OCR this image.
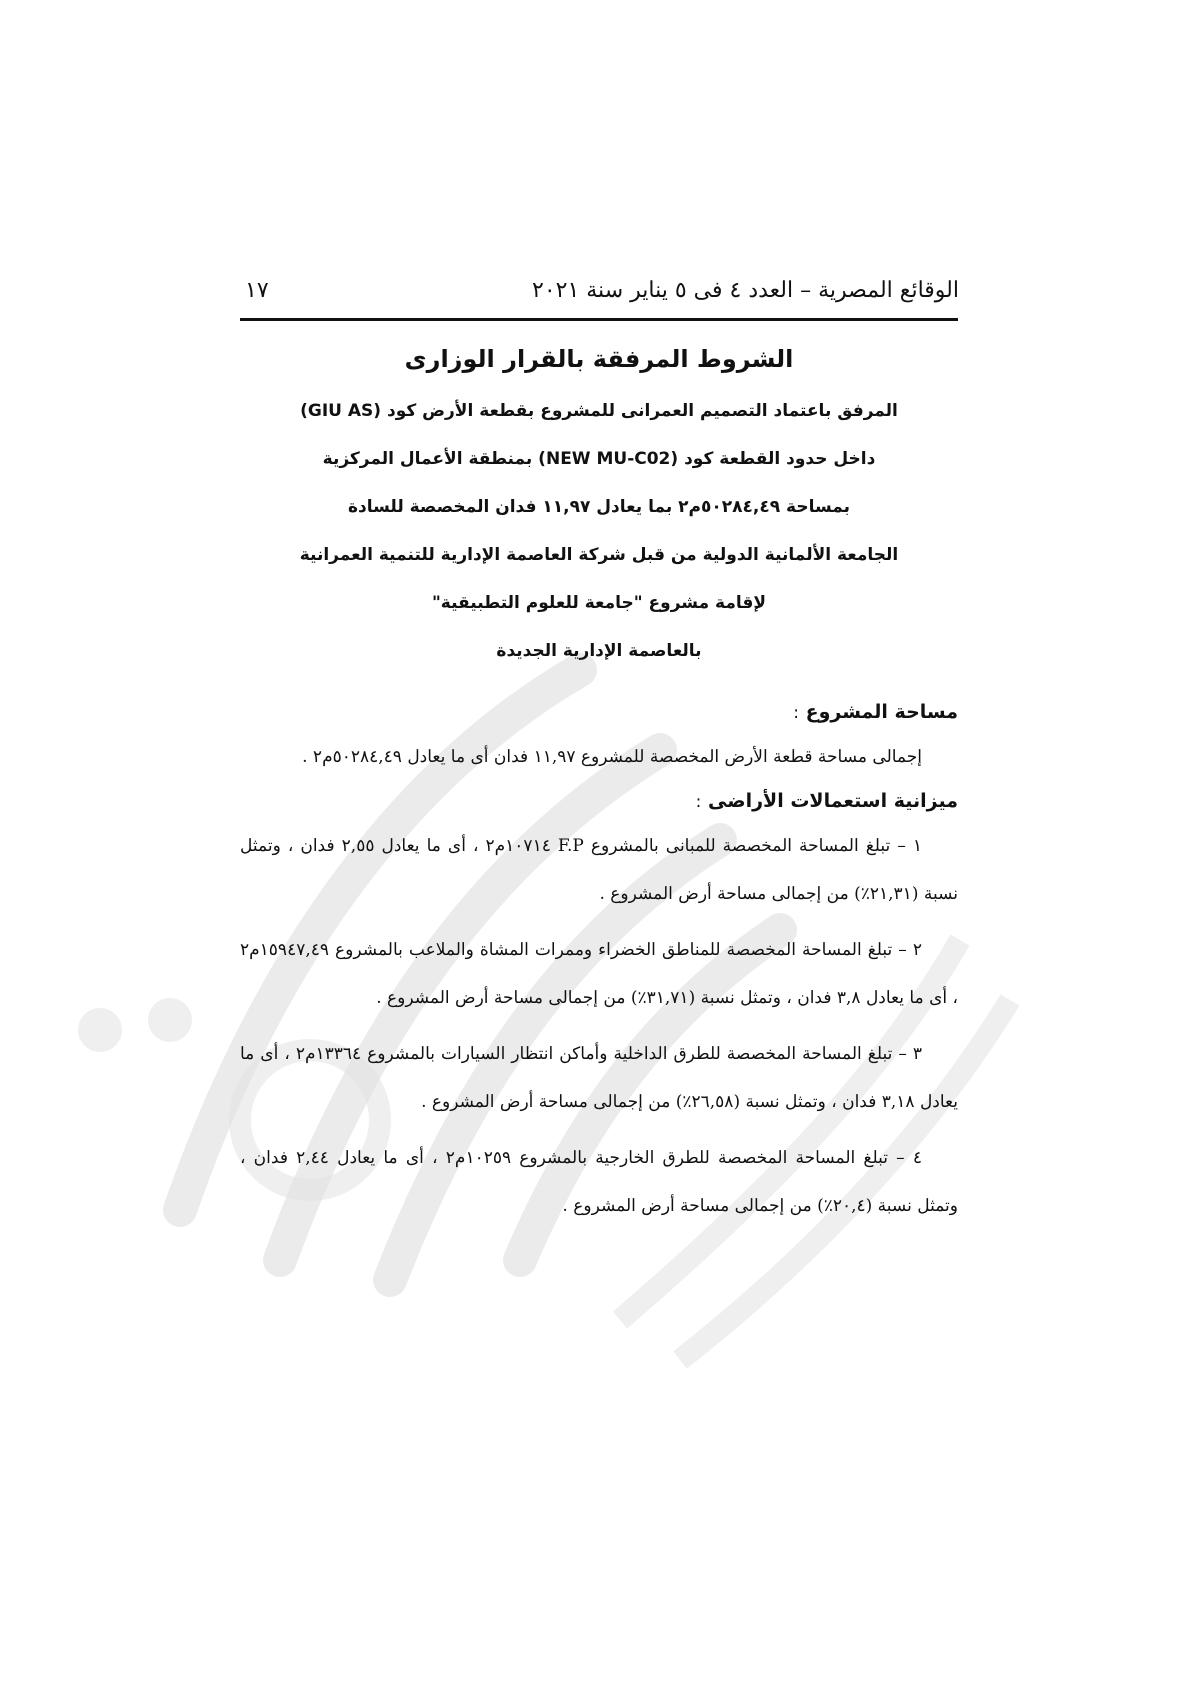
الوقائع المصرية – العدد ٤ فى ٥ يناير سنة ٢٠٢١
١٧

الشروط المرفقة بالقرار الوزارى

المرفق باعتماد التصميم العمرانى للمشروع بقطعة الأرض كود (GIU AS)

داخل حدود القطعة كود (NEW MU-C02) بمنطقة الأعمال المركزية

بمساحة ٥٠٢٨٤,٤٩م٢ بما يعادل ١١,٩٧ فدان المخصصة للسادة

الجامعة الألمانية الدولية من قبل شركة العاصمة الإدارية للتنمية العمرانية

لإقامة مشروع "جامعة للعلوم التطبيقية"

بالعاصمة الإدارية الجديدة

مساحة المشروع :

إجمالى مساحة قطعة الأرض المخصصة للمشروع ١١,٩٧ فدان أى ما يعادل ٥٠٢٨٤,٤٩م٢ .

ميزانية استعمالات الأراضى :

١ – تبلغ المساحة المخصصة للمبانى بالمشروع F.P ١٠٧١٤م٢ ، أى ما يعادل ٢,٥٥ فدان ، وتمثل نسبة (٢١,٣١٪) من إجمالى مساحة أرض المشروع .

٢ – تبلغ المساحة المخصصة للمناطق الخضراء وممرات المشاة والملاعب بالمشروع ١٥٩٤٧,٤٩م٢ ، أى ما يعادل ٣,٨ فدان ، وتمثل نسبة (٣١,٧١٪) من إجمالى مساحة أرض المشروع .

٣ – تبلغ المساحة المخصصة للطرق الداخلية وأماكن انتظار السيارات بالمشروع ١٣٣٦٤م٢ ، أى ما يعادل ٣,١٨ فدان ، وتمثل نسبة (٢٦,٥٨٪) من إجمالى مساحة أرض المشروع .

٤ – تبلغ المساحة المخصصة للطرق الخارجية بالمشروع ١٠٢٥٩م٢ ، أى ما يعادل ٢,٤٤ فدان ، وتمثل نسبة (٢٠,٤٪) من إجمالى مساحة أرض المشروع .
